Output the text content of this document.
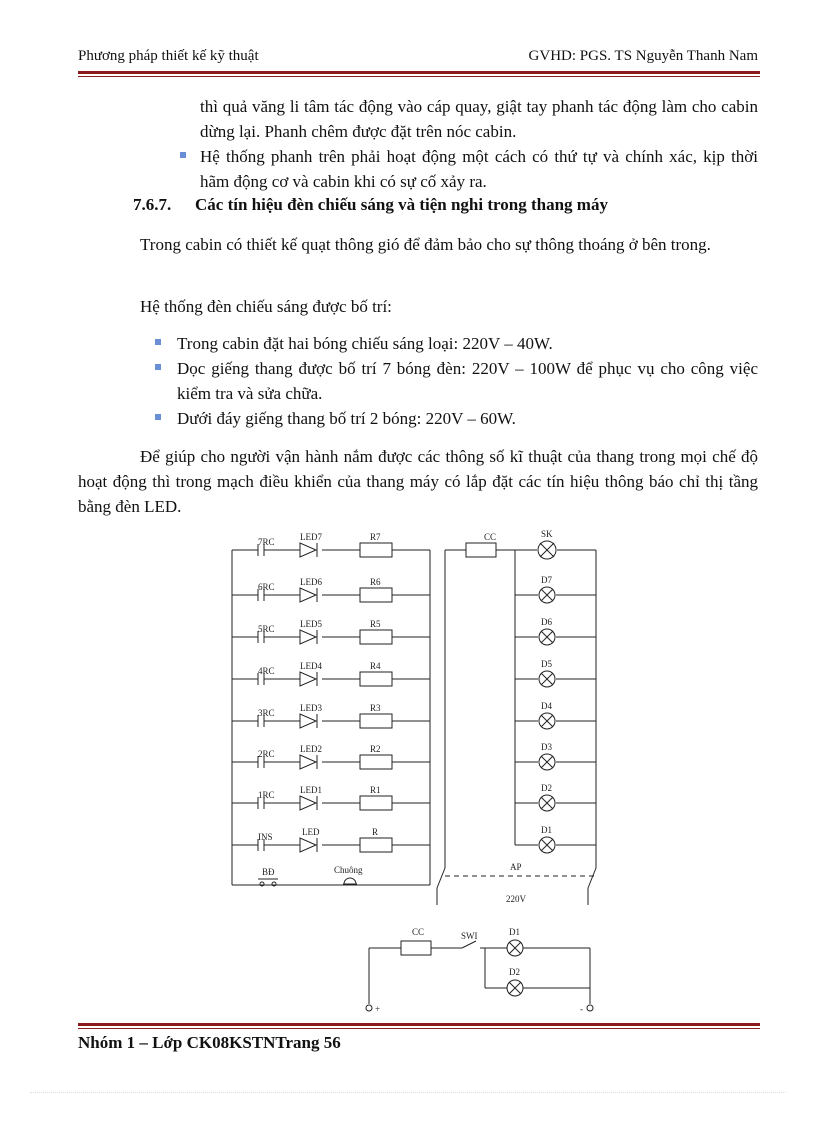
Phương pháp thiết kế kỹ thuật	GVHD: PGS. TS Nguyễn Thanh Nam
thì quả văng li tâm tác động vào cáp quay, giật tay phanh tác động làm cho cabin dừng lại. Phanh chêm được đặt trên nóc cabin.
Hệ thống phanh trên phải hoạt động một cách có thứ tự và chính xác, kịp thời hãm động cơ và cabin khi có sự cố xảy ra.
7.6.7. Các tín hiệu đèn chiếu sáng và tiện nghi trong thang máy
Trong cabin có thiết kế quạt thông gió để đảm bảo cho sự thông thoáng ở bên trong.
Hệ thống đèn chiếu sáng được bố trí:
Trong cabin đặt hai bóng chiếu sáng loại: 220V – 40W.
Dọc giếng thang được bố trí 7 bóng đèn: 220V – 100W để phục vụ cho công việc kiểm tra và sửa chữa.
Dưới đáy giếng thang bố trí 2 bóng: 220V – 60W.
Để giúp cho người vận hành nắm được các thông số kĩ thuật của thang trong mọi chế độ hoạt động thì trong mạch điều khiển của thang máy có lắp đặt các tín hiệu thông báo chỉ thị tầng bằng đèn LED.
7RC	LED7	R7
6RC	LED6	R6
5RC	LED5	R5
4RC	LED4	R4
3RC	LED3	R3
2RC	LED2	R2
1RC	LED1	R1
INS	LED	R
BĐ	Chuông
CC	SK
D7
D6
D5
D4
D3
D2
D1
AP
220V
CC	SWI	D1
D2
+	-
Nhóm 1 – Lớp CK08KSTNTrang 56
